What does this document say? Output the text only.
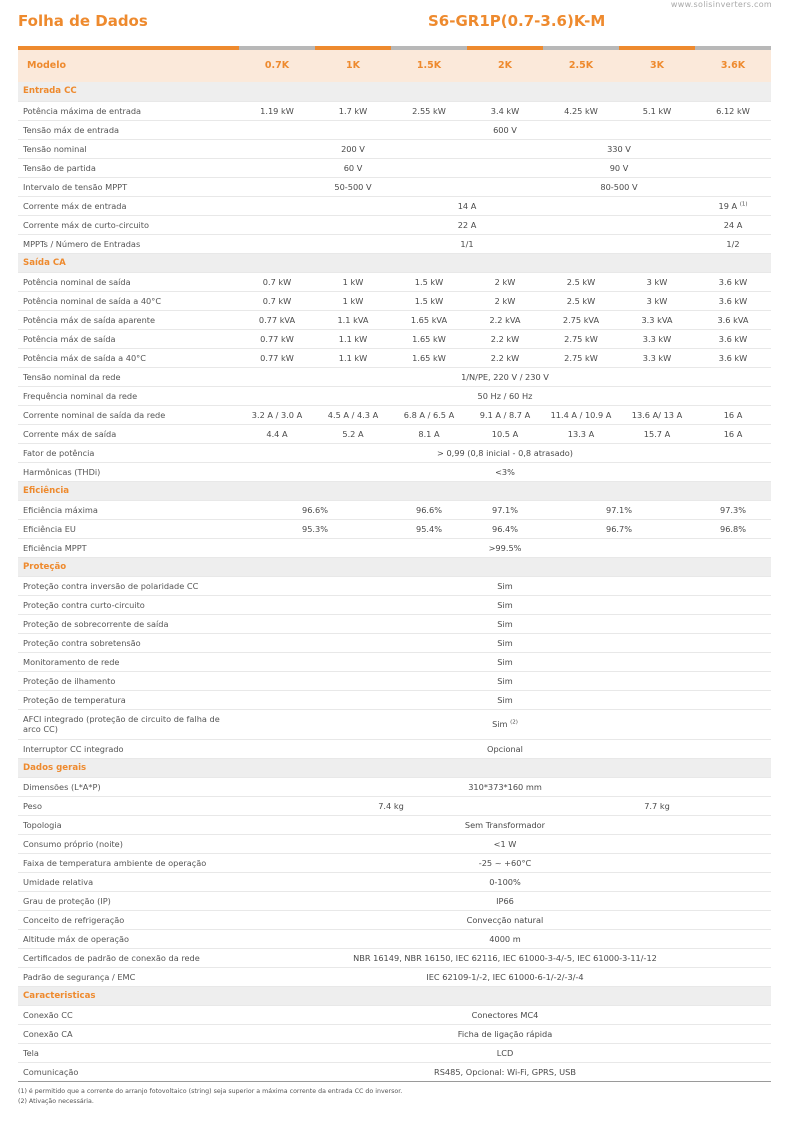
www.solisinverters.com
Folha de Dados	S6-GR1P(0.7-3.6)K-M

Modelo	0.7K	1K	1.5K	2K	2.5K	3K	3.6K
Entrada CC							
Potência máxima de entrada	1.19 kW	1.7 kW	2.55 kW	3.4 kW	4.25 kW	5.1 kW	6.12 kW
Tensão máx de entrada	600 V						
Tensão nominal	200 V			330 V			
Tensão de partida	60 V			90 V			
Intervalo de tensão MPPT	50-500 V			80-500 V			
Corrente máx de entrada	14 A						19 A $^{(1)}$
Corrente máx de curto-circuito	22 A						24 A
MPPTs / Número de Entradas	1/1						1/2
Saída CA							
Potência nominal de saída	0.7 kW	1 kW	1.5 kW	2 kW	2.5 kW	3 kW	3.6 kW
Potência nominal de saída a 40°C	0.7 kW	1 kW	1.5 kW	2 kW	2.5 kW	3 kW	3.6 kW
Potência máx de saída aparente	0.77 kVA	1.1 kVA	1.65 kVA	2.2 kVA	2.75 kVA	3.3 kVA	3.6 kVA
Potência máx de saída	0.77 kW	1.1 kW	1.65 kW	2.2 kW	2.75 kW	3.3 kW	3.6 kW
Potência máx de saída a 40°C	0.77 kW	1.1 kW	1.65 kW	2.2 kW	2.75 kW	3.3 kW	3.6 kW
Tensão nominal da rede	1/N/PE, 220 V / 230 V						
Frequência nominal da rede	50 Hz / 60 Hz						
Corrente nominal de saída da rede	3.2 A / 3.0 A	4.5 A / 4.3 A	6.8 A / 6.5 A	9.1 A / 8.7 A	11.4 A / 10.9 A	13.6 A/ 13 A	16 A
Corrente máx de saída	4.4 A	5.2 A	8.1 A	10.5 A	13.3 A	15.7 A	16 A
Fator de potência	> 0,99 (0,8 inicial - 0,8 atrasado)						
Harmônicas (THDi)	<3%						
Eficiência							
Eficiência máxima	96.6%		96.6%	97.1%	97.1%		97.3%
Eficiência EU	95.3%		95.4%	96.4%	96.7%		96.8%
Eficiência MPPT	>99.5%						
Proteção							
Proteção contra inversão de polaridade CC	Sim						
Proteção contra curto-circuito	Sim						
Proteção de sobrecorrente de saída	Sim						
Proteção contra sobretensão	Sim						
Monitoramento de rede	Sim						
Proteção de ilhamento	Sim						
Proteção de temperatura	Sim						
AFCI integrado (proteção de circuito de falha de arco CC)	Sim $^{(2)}$
Interruptor CC integrado	Opcional						
Dados gerais							
Dimensões (L*A*P)	310*373*160 mm						
Peso	7.4 kg				7.7 kg		
Topologia	Sem Transformador						
Consumo próprio (noite)	<1 W						
Faixa de temperatura ambiente de operação	-25 ~ +60°C						
Umidade relativa	0-100%						
Grau de proteção (IP)	IP66						
Conceito de refrigeração	Convecção natural						
Altitude máx de operação	4000 m						
Certificados de padrão de conexão da rede	NBR 16149, NBR 16150, IEC 62116, IEC 61000-3-4/-5, IEC 61000-3-11/-12						
Padrão de segurança / EMC	IEC 62109-1/-2, IEC 61000-6-1/-2/-3/-4						
Caracteristicas							
Conexão CC	Conectores MC4						
Conexão CA	Ficha de ligação rápida						
Tela	LCD						
Comunicação	RS485, Opcional: Wi-Fi, GPRS, USB						
(1) é permitido que a corrente do arranjo fotovoltaico (string) seja superior a máxima corrente da entrada CC do inversor.
(2) Ativação necessária.
